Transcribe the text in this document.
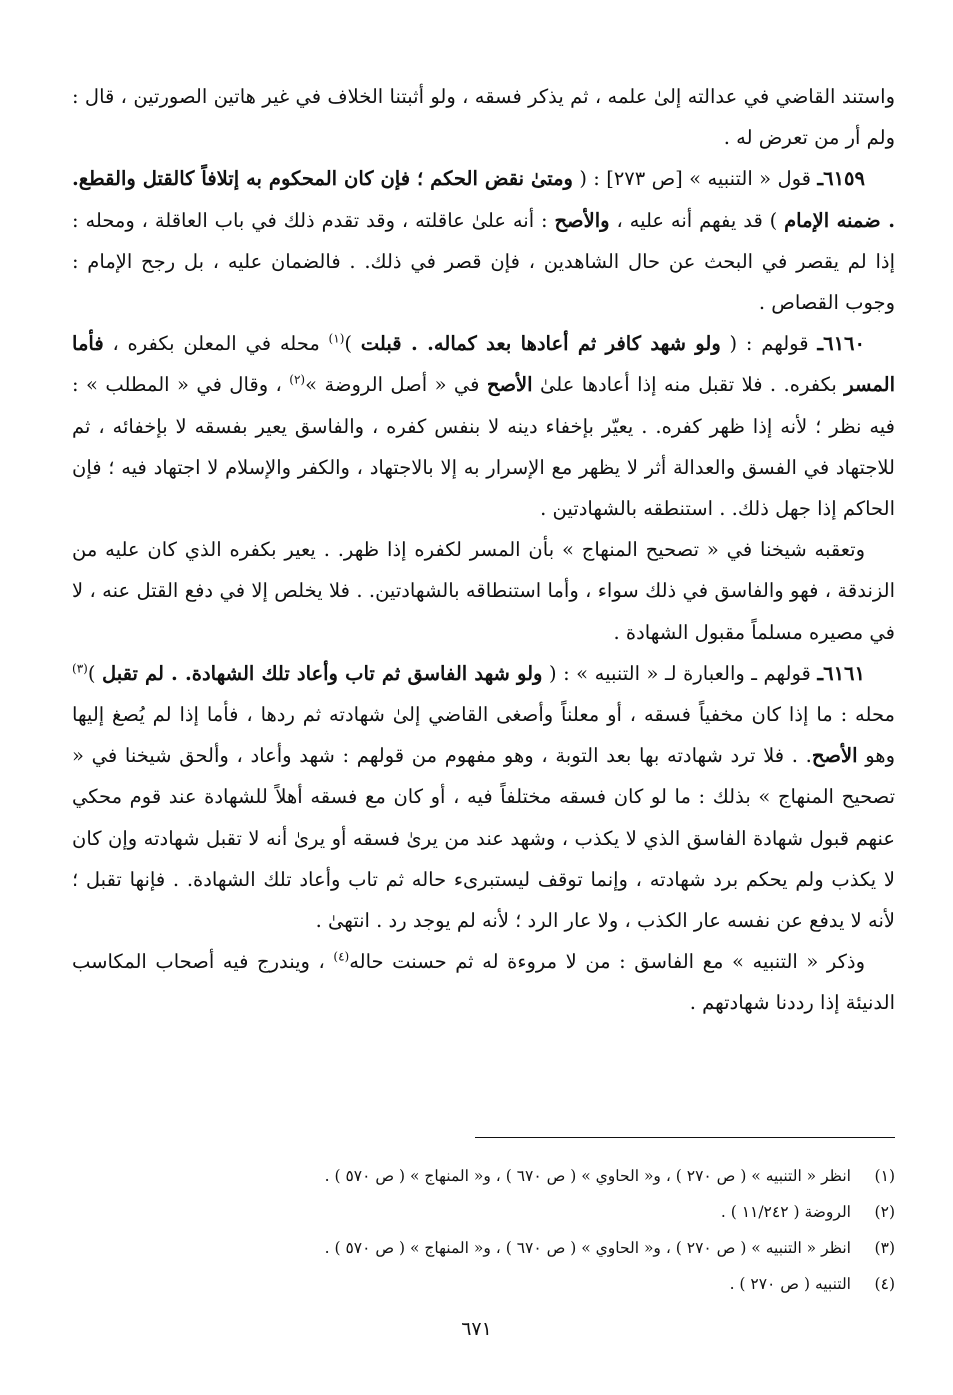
واستند القاضي في عدالته إلىٰ علمه ، ثم يذكر فسقه ، ولو أثبتنا الخلاف في غير هاتين الصورتين ، قال : ولم أر من تعرض له .

٦١٥٩ـ قول « التنبيه » [ص ٢٧٣] : ( ومتىٰ نقض الحكم ؛ فإن كان المحكوم به إتلافاً كالقتل والقطع. . ضمنه الإمام ) قد يفهم أنه عليه ، والأصح : أنه علىٰ عاقلته ، وقد تقدم ذلك في باب العاقلة ، ومحله : إذا لم يقصر في البحث عن حال الشاهدين ، فإن قصر في ذلك. . فالضمان عليه ، بل رجح الإمام : وجوب القصاص .

٦١٦٠ـ قولهم : ( ولو شهد كافر ثم أعادها بعد كماله. . قبلت )$^{(١)}$ محله في المعلن بكفره ، فأما المسر بكفره. . فلا تقبل منه إذا أعادها علىٰ الأصح في « أصل الروضة »$^{(٢)}$ ، وقال في « المطلب » : فيه نظر ؛ لأنه إذا ظهر كفره. . يعيّر بإخفاء دينه لا بنفس كفره ، والفاسق يعير بفسقه لا بإخفائه ، ثم للاجتهاد في الفسق والعدالة أثر لا يظهر مع الإسرار به إلا بالاجتهاد ، والكفر والإسلام لا اجتهاد فيه ؛ فإن الحاكم إذا جهل ذلك. . استنطقه بالشهادتين .

وتعقبه شيخنا في « تصحيح المنهاج » بأن المسر لكفره إذا ظهر. . يعير بكفره الذي كان عليه من الزندقة ، فهو والفاسق في ذلك سواء ، وأما استنطاقه بالشهادتين. . فلا يخلص إلا في دفع القتل عنه ، لا في مصيره مسلماً مقبول الشهادة .

٦١٦١ـ قولهم ـ والعبارة لـ « التنبيه » : ( ولو شهد الفاسق ثم تاب وأعاد تلك الشهادة. . لم تقبل )$^{(٣)}$ محله : ما إذا كان مخفياً فسقه ، أو معلناً وأصغى القاضي إلىٰ شهادته ثم ردها ، فأما إذا لم يُصغ إليها وهو الأصح. . فلا ترد شهادته بها بعد التوبة ، وهو مفهوم من قولهم : شهد وأعاد ، وألحق شيخنا في « تصحيح المنهاج » بذلك : ما لو كان فسقه مختلفاً فيه ، أو كان مع فسقه أهلاً للشهادة عند قوم محكي عنهم قبول شهادة الفاسق الذي لا يكذب ، وشهد عند من يرىٰ فسقه أو يرىٰ أنه لا تقبل شهادته وإن كان لا يكذب ولم يحكم برد شهادته ، وإنما توقف ليستبرىء حاله ثم تاب وأعاد تلك الشهادة. . فإنها تقبل ؛ لأنه لا يدفع عن نفسه عار الكذب ، ولا عار الرد ؛ لأنه لم يوجد رد . انتهىٰ .

وذكر « التنبيه » مع الفاسق : من لا مروءة له ثم حسنت حاله$^{(٤)}$ ، ويندرج فيه أصحاب المكاسب الدنيئة إذا رددنا شهادتهم .

(١)
انظر « التنبيه » ( ص ٢٧٠ ) ، و« الحاوي » ( ص ٦٧٠ ) ، و« المنهاج » ( ص ٥٧٠ ) .
(٢)
الروضة ( ١١/٢٤٢ ) .
(٣)
انظر « التنبيه » ( ص ٢٧٠ ) ، و« الحاوي » ( ص ٦٧٠ ) ، و« المنهاج » ( ص ٥٧٠ ) .
(٤)
التنبيه ( ص ٢٧٠ ) .
٦٧١
